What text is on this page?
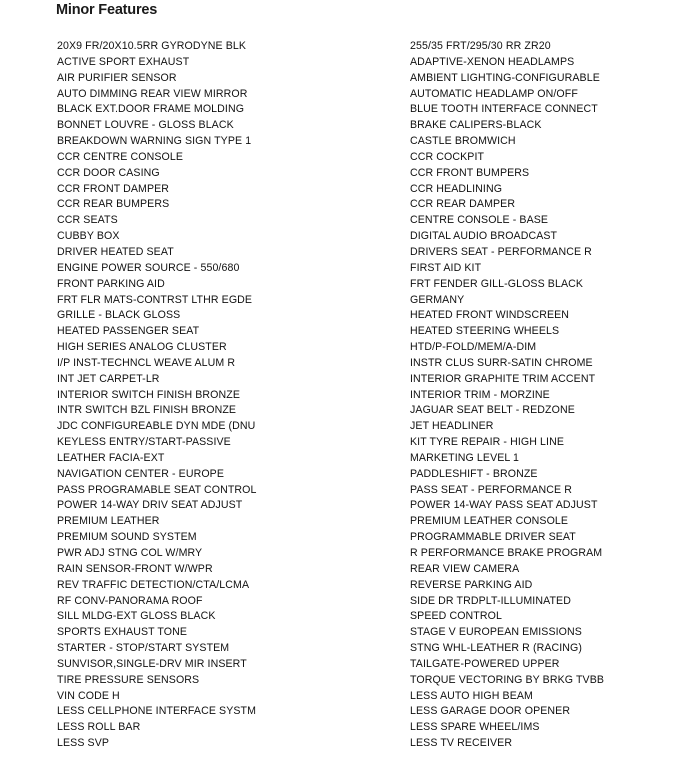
Minor Features
20X9 FR/20X10.5RR GYRODYNE BLK
ACTIVE SPORT EXHAUST
AIR PURIFIER SENSOR
AUTO DIMMING REAR VIEW MIRROR
BLACK EXT.DOOR FRAME MOLDING
BONNET LOUVRE - GLOSS BLACK
BREAKDOWN WARNING SIGN TYPE 1
CCR CENTRE CONSOLE
CCR DOOR CASING
CCR FRONT DAMPER
CCR REAR BUMPERS
CCR SEATS
CUBBY BOX
DRIVER HEATED SEAT
ENGINE POWER SOURCE - 550/680
FRONT PARKING AID
FRT FLR MATS-CONTRST LTHR EGDE
GRILLE - BLACK GLOSS
HEATED PASSENGER SEAT
HIGH SERIES ANALOG CLUSTER
I/P INST-TECHNCL WEAVE ALUM R
INT JET CARPET-LR
INTERIOR SWITCH FINISH BRONZE
INTR SWITCH BZL FINISH BRONZE
JDC CONFIGUREABLE DYN MDE (DNU
KEYLESS ENTRY/START-PASSIVE
LEATHER FACIA-EXT
NAVIGATION CENTER - EUROPE
PASS PROGRAMABLE SEAT CONTROL
POWER 14-WAY DRIV SEAT ADJUST
PREMIUM LEATHER
PREMIUM SOUND SYSTEM
PWR ADJ STNG COL W/MRY
RAIN SENSOR-FRONT W/WPR
REV TRAFFIC DETECTION/CTA/LCMA
RF CONV-PANORAMA ROOF
SILL MLDG-EXT GLOSS BLACK
SPORTS EXHAUST TONE
STARTER - STOP/START SYSTEM
SUNVISOR,SINGLE-DRV MIR INSERT
TIRE PRESSURE SENSORS
VIN CODE H
LESS CELLPHONE INTERFACE SYSTM
LESS ROLL BAR
LESS SVP
255/35 FRT/295/30 RR ZR20
ADAPTIVE-XENON HEADLAMPS
AMBIENT LIGHTING-CONFIGURABLE
AUTOMATIC HEADLAMP ON/OFF
BLUE TOOTH INTERFACE CONNECT
BRAKE CALIPERS-BLACK
CASTLE BROMWICH
CCR COCKPIT
CCR FRONT BUMPERS
CCR HEADLINING
CCR REAR DAMPER
CENTRE CONSOLE - BASE
DIGITAL AUDIO BROADCAST
DRIVERS SEAT - PERFORMANCE R
FIRST AID KIT
FRT FENDER GILL-GLOSS BLACK
GERMANY
HEATED FRONT WINDSCREEN
HEATED STEERING WHEELS
HTD/P-FOLD/MEM/A-DIM
INSTR CLUS SURR-SATIN CHROME
INTERIOR GRAPHITE TRIM ACCENT
INTERIOR TRIM - MORZINE
JAGUAR SEAT BELT - REDZONE
JET HEADLINER
KIT TYRE REPAIR - HIGH LINE
MARKETING LEVEL 1
PADDLESHIFT - BRONZE
PASS SEAT - PERFORMANCE R
POWER 14-WAY PASS SEAT ADJUST
PREMIUM LEATHER CONSOLE
PROGRAMMABLE DRIVER SEAT
R PERFORMANCE BRAKE PROGRAM
REAR VIEW CAMERA
REVERSE PARKING AID
SIDE DR TRDPLT-ILLUMINATED
SPEED CONTROL
STAGE V EUROPEAN EMISSIONS
STNG WHL-LEATHER R (RACING)
TAILGATE-POWERED UPPER
TORQUE VECTORING BY BRKG TVBB
LESS AUTO HIGH BEAM
LESS GARAGE DOOR OPENER
LESS SPARE WHEEL/IMS
LESS TV RECEIVER
